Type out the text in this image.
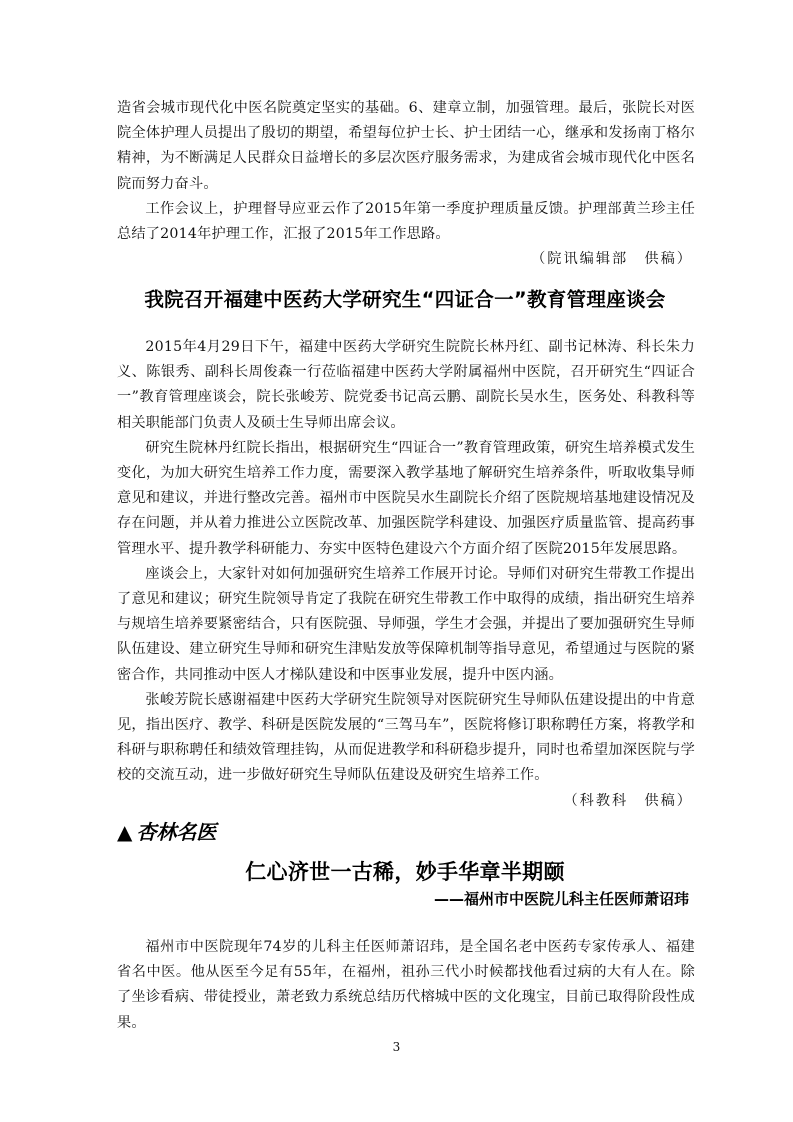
造省会城市现代化中医名院奠定坚实的基础。6、建章立制，加强管理。最后，张院长对医院全体护理人员提出了殷切的期望，希望每位护士长、护士团结一心，继承和发扬南丁格尔精神，为不断满足人民群众日益增长的多层次医疗服务需求，为建成省会城市现代化中医名院而努力奋斗。

工作会议上，护理督导应亚云作了2015年第一季度护理质量反馈。护理部黄兰珍主任总结了2014年护理工作，汇报了2015年工作思路。

（院讯编辑部　供稿）

我院召开福建中医药大学研究生“四证合一”教育管理座谈会

2015年4月29日下午，福建中医药大学研究生院院长林丹红、副书记林涛、科长朱力义、陈银秀、副科长周俊森一行莅临福建中医药大学附属福州中医院，召开研究生“四证合一”教育管理座谈会，院长张峻芳、院党委书记高云鹏、副院长吴水生，医务处、科教科等相关职能部门负责人及硕士生导师出席会议。

研究生院林丹红院长指出，根据研究生“四证合一”教育管理政策，研究生培养模式发生变化，为加大研究生培养工作力度，需要深入教学基地了解研究生培养条件，听取收集导师意见和建议，并进行整改完善。福州市中医院吴水生副院长介绍了医院规培基地建设情况及存在问题，并从着力推进公立医院改革、加强医院学科建设、加强医疗质量监管、提高药事管理水平、提升教学科研能力、夯实中医特色建设六个方面介绍了医院2015年发展思路。

座谈会上，大家针对如何加强研究生培养工作展开讨论。导师们对研究生带教工作提出了意见和建议；研究生院领导肯定了我院在研究生带教工作中取得的成绩，指出研究生培养与规培生培养要紧密结合，只有医院强、导师强，学生才会强，并提出了要加强研究生导师队伍建设、建立研究生导师和研究生津贴发放等保障机制等指导意见，希望通过与医院的紧密合作，共同推动中医人才梯队建设和中医事业发展，提升中医内涵。

张峻芳院长感谢福建中医药大学研究生院领导对医院研究生导师队伍建设提出的中肯意见，指出医疗、教学、科研是医院发展的“三驾马车”，医院将修订职称聘任方案，将教学和科研与职称聘任和绩效管理挂钩，从而促进教学和科研稳步提升，同时也希望加深医院与学校的交流互动，进一步做好研究生导师队伍建设及研究生培养工作。

（科教科　供稿）

▲ 杏林名医
仁心济世一古稀，妙手华章半期颐
——福州市中医院儿科主任医师萧诏玮

福州市中医院现年74岁的儿科主任医师萧诏玮，是全国名老中医药专家传承人、福建省名中医。他从医至今足有55年，在福州，祖孙三代小时候都找他看过病的大有人在。除了坐诊看病、带徒授业，萧老致力系统总结历代榕城中医的文化瑰宝，目前已取得阶段性成果。

3
